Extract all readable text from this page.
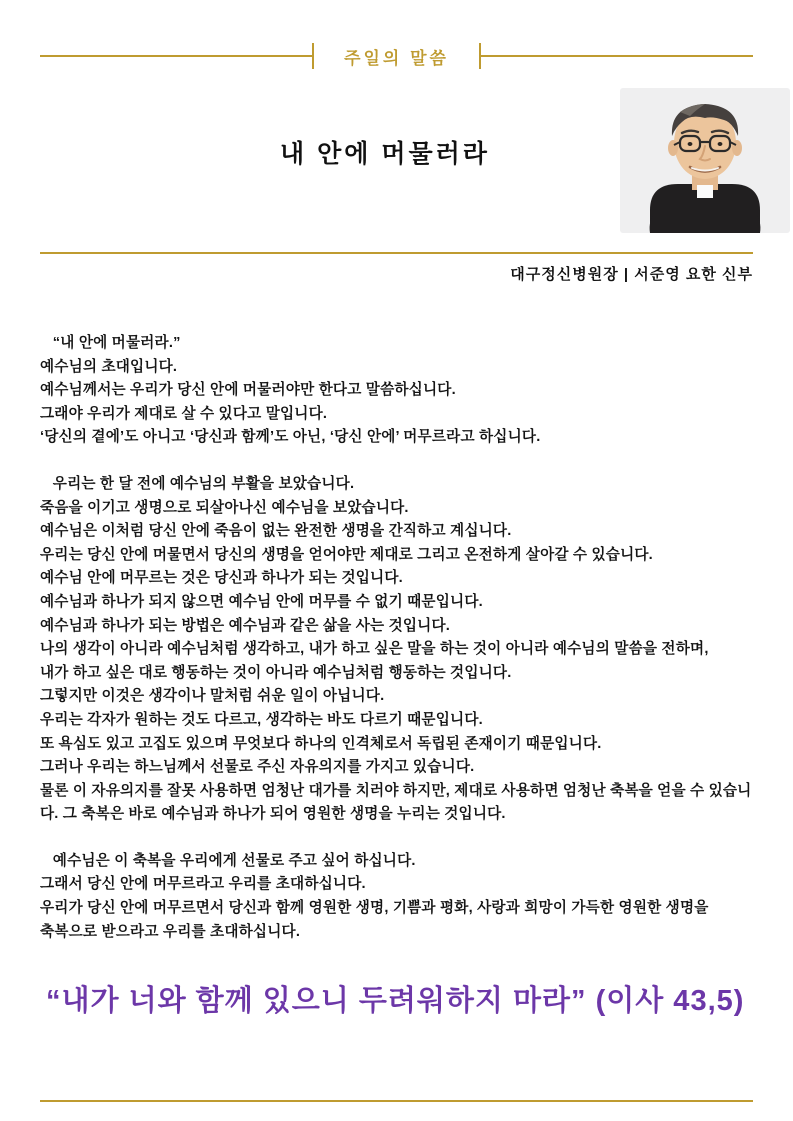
주일의 말씀
내 안에 머물러라
대구정신병원장 | 서준영 요한 신부
“내 안에 머물러라.”
예수님의 초대입니다.
예수님께서는 우리가 당신 안에 머물러야만 한다고 말씀하십니다.
그래야 우리가 제대로 살 수 있다고 말입니다.
‘당신의 곁에’도 아니고 ‘당신과 함께’도 아닌, ‘당신 안에’ 머무르라고 하십니다.
우리는 한 달 전에 예수님의 부활을 보았습니다.
죽음을 이기고 생명으로 되살아나신 예수님을 보았습니다.
예수님은 이처럼 당신 안에 죽음이 없는 완전한 생명을 간직하고 계십니다.
우리는 당신 안에 머물면서 당신의 생명을 얻어야만 제대로 그리고 온전하게 살아갈 수 있습니다.
예수님 안에 머무르는 것은 당신과 하나가 되는 것입니다.
예수님과 하나가 되지 않으면 예수님 안에 머무를 수 없기 때문입니다.
예수님과 하나가 되는 방법은 예수님과 같은 삶을 사는 것입니다.
나의 생각이 아니라 예수님처럼 생각하고, 내가 하고 싶은 말을 하는 것이 아니라 예수님의 말씀을 전하며,
내가 하고 싶은 대로 행동하는 것이 아니라 예수님처럼 행동하는 것입니다.
그렇지만 이것은 생각이나 말처럼 쉬운 일이 아닙니다.
우리는 각자가 원하는 것도 다르고, 생각하는 바도 다르기 때문입니다.
또 욕심도 있고 고집도 있으며 무엇보다 하나의 인격체로서 독립된 존재이기 때문입니다.
그러나 우리는 하느님께서 선물로 주신 자유의지를 가지고 있습니다.
물론 이 자유의지를 잘못 사용하면 엄청난 대가를 치러야 하지만, 제대로 사용하면 엄청난 축복을 얻을 수 있습니
다. 그 축복은 바로 예수님과 하나가 되어 영원한 생명을 누리는 것입니다.
예수님은 이 축복을 우리에게 선물로 주고 싶어 하십니다.
그래서 당신 안에 머무르라고 우리를 초대하십니다.
우리가 당신 안에 머무르면서 당신과 함께 영원한 생명, 기쁨과 평화, 사랑과 희망이 가득한 영원한 생명을
축복으로 받으라고 우리를 초대하십니다.
“내가 너와 함께 있으니 두려워하지 마라” (이사 43,5)
